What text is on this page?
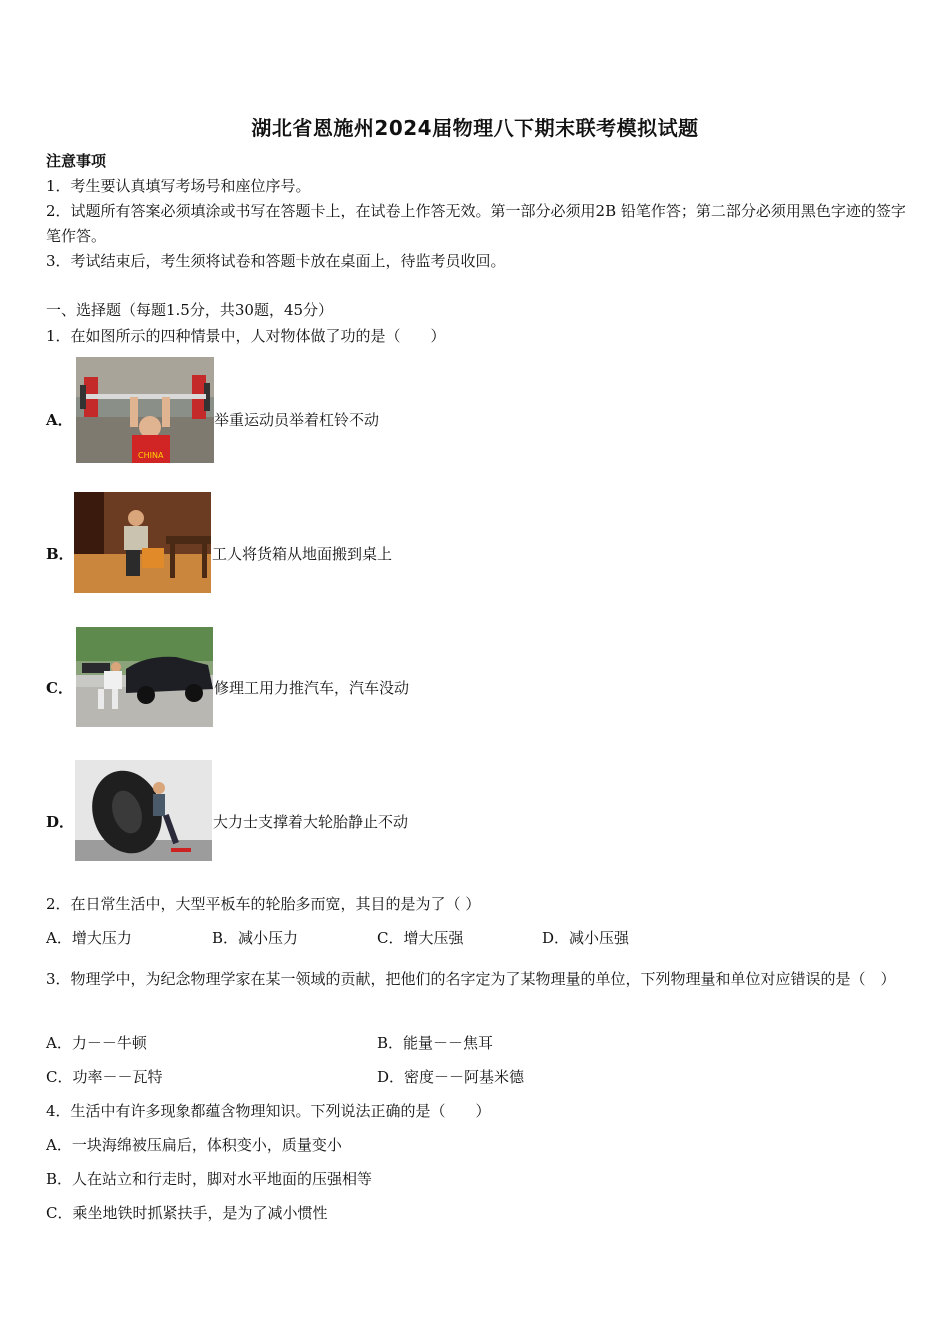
湖北省恩施州2024届物理八下期末联考模拟试题
注意事项
1．考生要认真填写考场号和座位序号。
2．试题所有答案必须填涂或书写在答题卡上，在试卷上作答无效。第一部分必须用2B 铅笔作答；第二部分必须用黑色字迹的签字笔作答。
3．考试结束后，考生须将试卷和答题卡放在桌面上，待监考员收回。
一、选择题（每题1.5分，共30题，45分）
1．在如图所示的四种情景中，人对物体做了功的是（　　）
A．
CHINA
举重运动员举着杠铃不动
B．	工人将货箱从地面搬到桌上
C．	修理工用力推汽车，汽车没动
D．	大力士支撑着大轮胎静止不动
2．在日常生活中，大型平板车的轮胎多而宽，其目的是为了（ ）
A．增大压力	B．减小压力	C．增大压强	D．减小压强
3．物理学中，为纪念物理学家在某一领域的贡献，把他们的名字定为了某物理量的单位，下列物理量和单位对应错误的是（　）
A．力－－牛顿	B．能量－－焦耳
C．功率－－瓦特	D．密度－－阿基米德
4．生活中有许多现象都蕴含物理知识。下列说法正确的是（　　）
A．一块海绵被压扁后，体积变小，质量变小
B．人在站立和行走时，脚对水平地面的压强相等
C．乘坐地铁时抓紧扶手，是为了减小惯性
